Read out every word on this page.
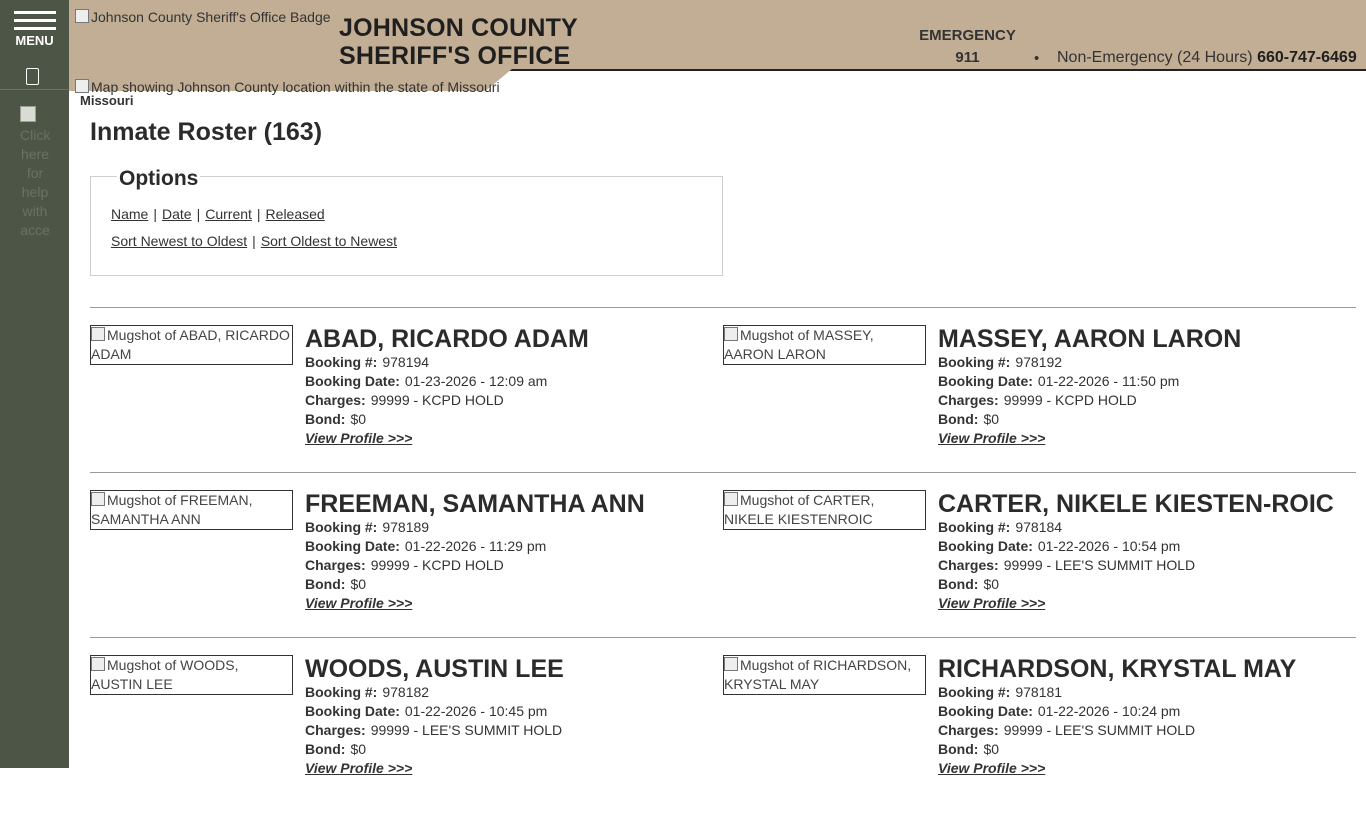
MENU
Click here for help with acce
Johnson County Sheriff's Office Badge JOHNSON COUNTY SHERIFF'S OFFICE
EMERGENCY
911	• Non-Emergency (24 Hours) 660-747-6469
Map showing Johnson County location within the state of Missouri
Missouri
Inmate Roster (163)
Options
Name | Date | Current | Released
Sort Newest to Oldest | Sort Oldest to Newest
Mugshot of ABAD, RICARDO ADAM
ABAD, RICARDO ADAM
Booking #: 978194
Booking Date: 01-23-2026 - 12:09 am
Charges: 99999 - KCPD HOLD
Bond: $0
View Profile >>>
Mugshot of MASSEY, AARON LARON
MASSEY, AARON LARON
Booking #: 978192
Booking Date: 01-22-2026 - 11:50 pm
Charges: 99999 - KCPD HOLD
Bond: $0
View Profile >>>
Mugshot of FREEMAN, SAMANTHA ANN
FREEMAN, SAMANTHA ANN
Booking #: 978189
Booking Date: 01-22-2026 - 11:29 pm
Charges: 99999 - KCPD HOLD
Bond: $0
View Profile >>>
Mugshot of CARTER, NIKELE KIESTENROIC
CARTER, NIKELE KIESTEN-ROIC
Booking #: 978184
Booking Date: 01-22-2026 - 10:54 pm
Charges: 99999 - LEE'S SUMMIT HOLD
Bond: $0
View Profile >>>
Mugshot of WOODS, AUSTIN LEE
WOODS, AUSTIN LEE
Booking #: 978182
Booking Date: 01-22-2026 - 10:45 pm
Charges: 99999 - LEE'S SUMMIT HOLD
Bond: $0
View Profile >>>
Mugshot of RICHARDSON, KRYSTAL MAY
RICHARDSON, KRYSTAL MAY
Booking #: 978181
Booking Date: 01-22-2026 - 10:24 pm
Charges: 99999 - LEE'S SUMMIT HOLD
Bond: $0
View Profile >>>
